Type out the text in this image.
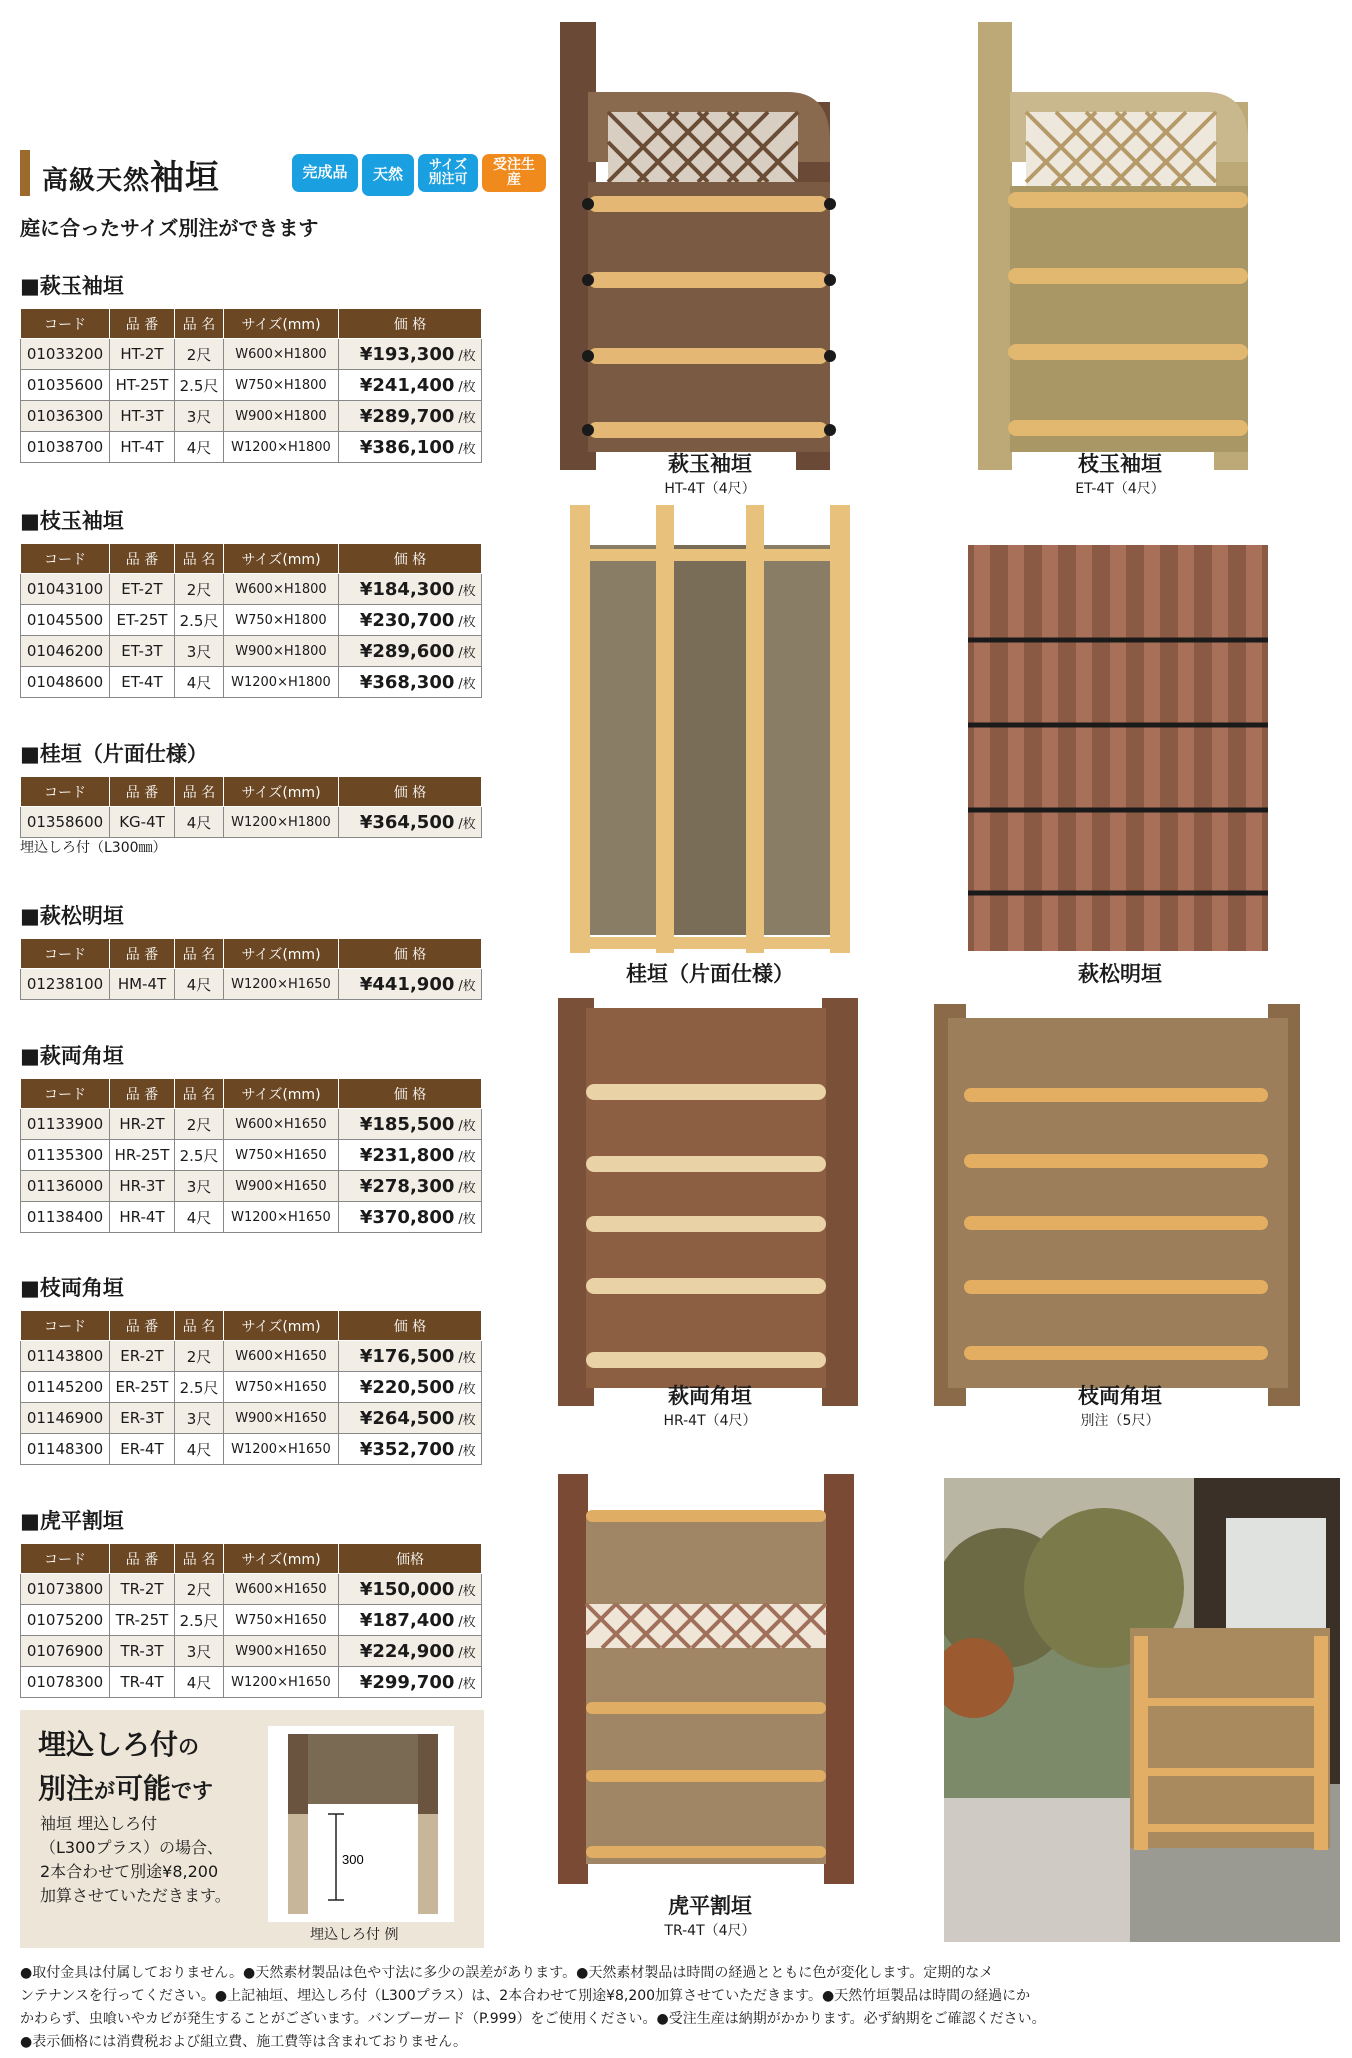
高級天然袖垣	完成品 天然 サイズ
別注可
受注生産
庭に合ったサイズ別注ができます
■萩玉袖垣
コード	品 番	品 名	サイズ(mm)	価 格	
01033200	HT-2T	2尺	W600×H1800	¥193,300	/枚
01035600	HT-25T	2.5尺	W750×H1800	¥241,400	/枚
01036300	HT-3T	3尺	W900×H1800	¥289,700	/枚
01038700	HT-4T	4尺	W1200×H1800	¥386,100	/枚
■枝玉袖垣
コード	品 番	品 名	サイズ(mm)	価 格	
01043100	ET-2T	2尺	W600×H1800	¥184,300	/枚
01045500	ET-25T	2.5尺	W750×H1800	¥230,700	/枚
01046200	ET-3T	3尺	W900×H1800	¥289,600	/枚
01048600	ET-4T	4尺	W1200×H1800	¥368,300	/枚
■桂垣（片面仕様）
コード	品 番	品 名	サイズ(mm)	価 格	
01358600	KG-4T	4尺	W1200×H1800	¥364,500	/枚
埋込しろ付（L300㎜）
■萩松明垣
コード	品 番	品 名	サイズ(mm)	価 格	
01238100	HM-4T	4尺	W1200×H1650	¥441,900	/枚
■萩両角垣
コード	品 番	品 名	サイズ(mm)	価 格	
01133900	HR-2T	2尺	W600×H1650	¥185,500	/枚
01135300	HR-25T	2.5尺	W750×H1650	¥231,800	/枚
01136000	HR-3T	3尺	W900×H1650	¥278,300	/枚
01138400	HR-4T	4尺	W1200×H1650	¥370,800	/枚
■枝両角垣
コード	品 番	品 名	サイズ(mm)	価 格	
01143800	ER-2T	2尺	W600×H1650	¥176,500	/枚
01145200	ER-25T	2.5尺	W750×H1650	¥220,500	/枚
01146900	ER-3T	3尺	W900×H1650	¥264,500	/枚
01148300	ER-4T	4尺	W1200×H1650	¥352,700	/枚
■虎平割垣
コード	品 番	品 名	サイズ(mm)	価格	
01073800	TR-2T	2尺	W600×H1650	¥150,000	/枚
01075200	TR-25T	2.5尺	W750×H1650	¥187,400	/枚
01076900	TR-3T	3尺	W900×H1650	¥224,900	/枚
01078300	TR-4T	4尺	W1200×H1650	¥299,700	/枚
萩玉袖垣
HT-4T（4尺）
枝玉袖垣
ET-4T（4尺）
桂垣（片面仕様）	萩松明垣
萩両角垣
HR-4T（4尺）
枝両角垣
別注（5尺）
虎平割垣
TR-4T（4尺）
埋込しろ付の
別注が可能です
袖垣 埋込しろ付
（L300プラス）の場合、
2本合わせて別途¥8,200
加算させていただきます。
300
埋込しろ付 例
●取付金具は付属しておりません。●天然素材製品は色や寸法に多少の誤差があります。●天然素材製品は時間の経過とともに色が変化します。定期的なメ
ンテナンスを行ってください。●上記袖垣、埋込しろ付（L300プラス）は、2本合わせて別途¥8,200加算させていただきます。●天然竹垣製品は時間の経過にか
かわらず、虫喰いやカビが発生することがございます。バンブーガード（P.999）をご使用ください。●受注生産は納期がかかります。必ず納期をご確認ください。
●表示価格には消費税および組立費、施工費等は含まれておりません。
